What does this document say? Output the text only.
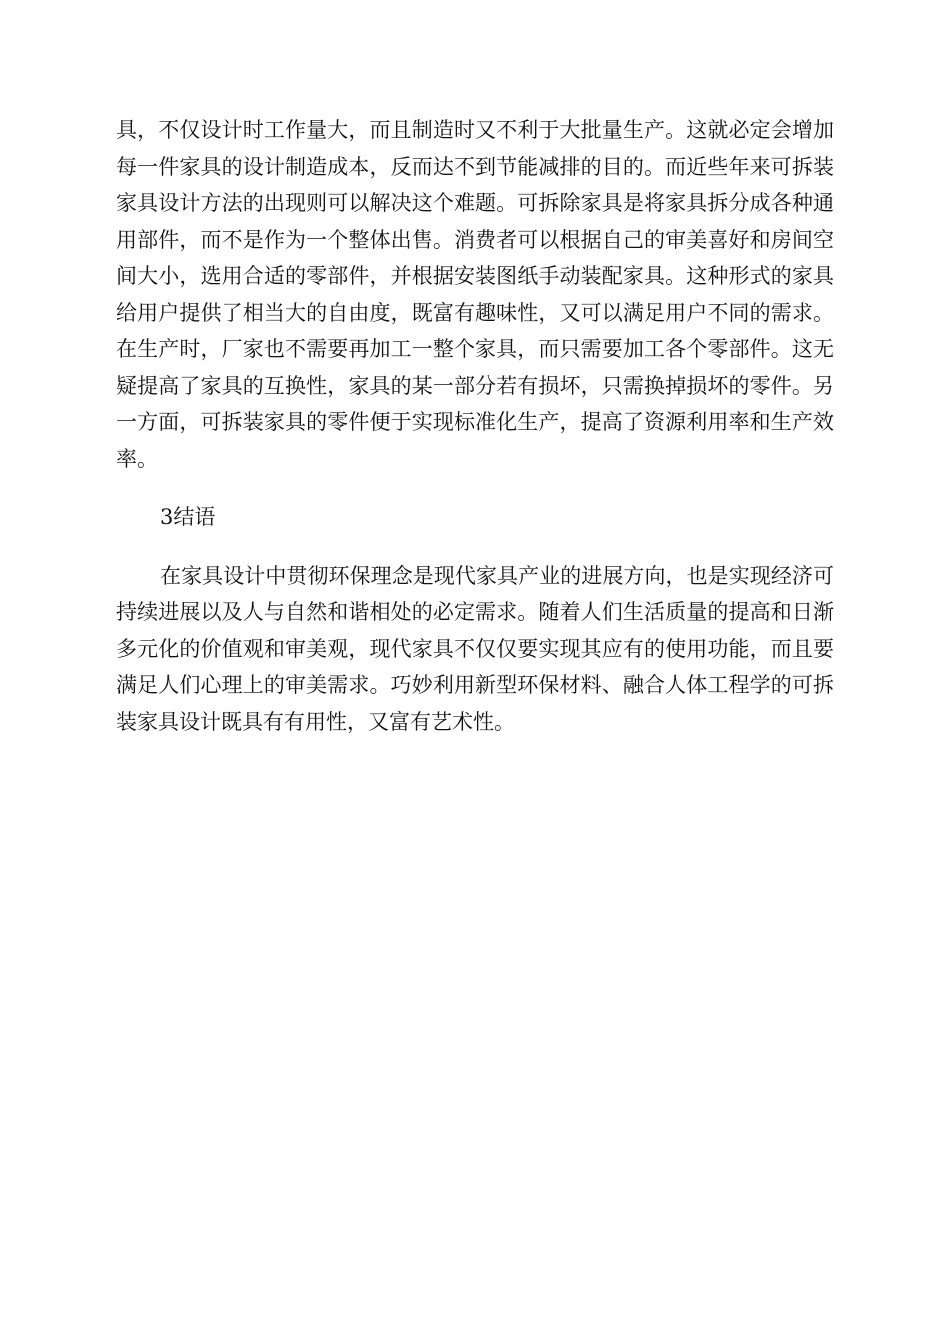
具，不仅设计时工作量大，而且制造时又不利于大批量生产。这就必定会增加每一件家具的设计制造成本，反而达不到节能减排的目的。而近些年来可拆装家具设计方法的出现则可以解决这个难题。可拆除家具是将家具拆分成各种通用部件，而不是作为一个整体出售。消费者可以根据自己的审美喜好和房间空间大小，选用合适的零部件，并根据安装图纸手动装配家具。这种形式的家具给用户提供了相当大的自由度，既富有趣味性，又可以满足用户不同的需求。在生产时，厂家也不需要再加工一整个家具，而只需要加工各个零部件。这无疑提高了家具的互换性，家具的某一部分若有损坏，只需换掉损坏的零件。另一方面，可拆装家具的零件便于实现标准化生产，提高了资源利用率和生产效率。

3结语

在家具设计中贯彻环保理念是现代家具产业的进展方向，也是实现经济可持续进展以及人与自然和谐相处的必定需求。随着人们生活质量的提高和日渐多元化的价值观和审美观，现代家具不仅仅要实现其应有的使用功能，而且要满足人们心理上的审美需求。巧妙利用新型环保材料、融合人体工程学的可拆装家具设计既具有有用性，又富有艺术性。
